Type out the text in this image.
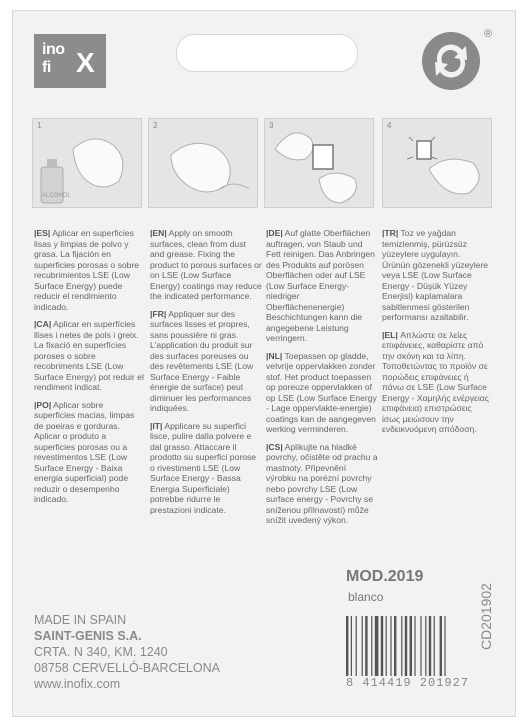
ino
fi X
®
1
ALCOHOL
2	3	4

|ES| Aplicar en superficies lisas y limpias de polvo y grasa. La fijación en superficies porosas o sobre recubrimientos LSE (Low Surface Energy) puede reducir el rendimiento indicado.

|CA| Aplicar en superfícies llises i netes de pols i greix. La fixació en superfícies poroses o sobre recobriments LSE (Low Surface Energy) pot reduir el rendiment indicat.

|PO| Aplicar sobre superficies macias, limpas de poeiras e gorduras. Aplicar o produto a superficies porosas ou a revestimentos LSE (Low Surface Energy - Baixa energia superficial) pode reduzir o desempenho indicado.

|EN| Apply on smooth surfaces, clean from dust and grease. Fixing the product to porous surfaces or on LSE (Low Surface Energy) coatings may reduce the indicated performance.

|FR| Appliquer sur des surfaces lisses et propres, sans poussière ni gras. L'application du produit sur des surfaces poreuses ou des revêtements LSE (Low Surface Energy - Faible énergie de surface) peut diminuer les performances indiquées.

|IT| Applicare su superfici lisce, pulire dalla polvere e dal grasso. Attaccare il prodotto su superfici porose o rivestimenti LSE (Low Surface Energy - Bassa Energia Superficiale) potrebbe ridurre le prestazioni indicate.

|DE| Auf glatte Oberflächen auftragen, von Staub und Fett reinigen. Das Anbringen des Produkts auf porösen Oberflächen oder auf LSE (Low Surface Energy- niedriger Oberflächenenergie) Beschichtungen kann die angegebene Leistung verringern.

|NL| Toepassen op gladde, vetvrije oppervlakken zonder stof. Het product toepassen op poreuze oppervlakken of op LSE (Low Surface Energy - Lage oppervlakte-energie) coatings kan de aangegeven werking verminderen.

|CS| Aplikujte na hladké povrchy, očistěte od prachu a mastnoty. Připevnění výrobku na porézní povrchy nebo povrchy LSE (Low surface energy - Povrchy se sníženou přilnavostí) může snížit uvedený výkon.

|TR| Toz ve yağdan temizlenmiş, pürüzsüz yüzeylere uygulayın. Ürünün gözenekli yüzeylere veya LSE (Low Surface Energy - Düşük Yüzey Enerjisi) kaplamalara sabitlenmesi gösterilen performansı azaltabilir.

|EL| Απλώστε σε λείες επιφάνειες, καθαρίστε από την σκόνη και τα λίπη. Τοποθετώντας το προϊόν σε πορώδεις επιφάνειες ή πάνω σε LSE (Low Surface Energy - Χαμηλής ενέργειας επιφάνεια) επιστρώσεις ίσως μειώσουν την ενδεικνυόμενη απόδοση.

MOD.2019
blanco
MADE IN SPAIN
SAINT-GENIS S.A.
CRTA. N 340, KM. 1240
08758 CERVELLÓ-BARCELONA
www.inofix.com	8 414419 201927
CD201902
